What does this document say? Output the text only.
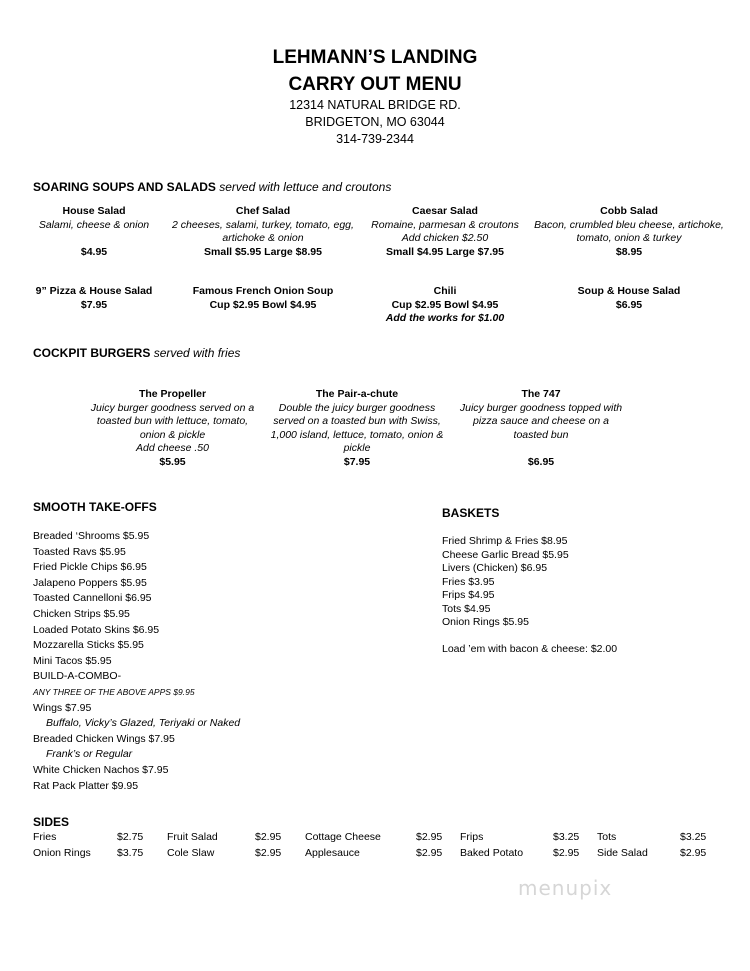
LEHMANN’S LANDING
CARRY OUT MENU
12314 NATURAL BRIDGE RD.
BRIDGETON, MO 63044
314-739-2344
SOARING SOUPS AND SALADS served with lettuce and croutons
House Salad
Salami, cheese & onion
$4.95
Chef Salad
2 cheeses, salami, turkey, tomato, egg, artichoke & onion
Small $5.95 Large $8.95
Caesar Salad
Romaine, parmesan & croutons
Add chicken $2.50
Small $4.95 Large $7.95
Cobb Salad
Bacon, crumbled bleu cheese, artichoke, tomato, onion & turkey
$8.95
9” Pizza & House Salad
$7.95
Famous French Onion Soup
Cup $2.95 Bowl $4.95
Chili
Cup $2.95 Bowl $4.95
Add the works for $1.00
Soup & House Salad
$6.95
COCKPIT BURGERS served with fries
The Propeller
Juicy burger goodness served on a toasted bun with lettuce, tomato, onion & pickle
Add cheese .50
$5.95
The Pair-a-chute
Double the juicy burger goodness served on a toasted bun with Swiss, 1,000 island, lettuce, tomato, onion & pickle
$7.95
The 747
Juicy burger goodness topped with pizza sauce and cheese on a toasted bun
$6.95
SMOOTH TAKE-OFFS
Breaded ‘Shrooms $5.95
Toasted Ravs $5.95
Fried Pickle Chips $6.95
Jalapeno Poppers $5.95
Toasted Cannelloni $6.95
Chicken Strips $5.95
Loaded Potato Skins $6.95
Mozzarella Sticks $5.95
Mini Tacos $5.95
BUILD-A-COMBO-
ANY THREE OF THE ABOVE APPS $9.95
Wings $7.95
Buffalo, Vicky’s Glazed, Teriyaki or Naked
Breaded Chicken Wings $7.95
Frank’s or Regular
White Chicken Nachos $7.95
Rat Pack Platter $9.95
BASKETS
Fried Shrimp & Fries $8.95
Cheese Garlic Bread $5.95
Livers (Chicken) $6.95
Fries $3.95
Frips $4.95
Tots $4.95
Onion Rings $5.95
Load ’em with bacon & cheese: $2.00
SIDES
Fries	$2.75 Fruit Salad	$2.95 Cottage Cheese	$2.95 Frips	$3.25 Tots	$3.25
Onion Rings $3.75 Cole Slaw	$2.95 Applesauce	$2.95 Baked Potato	$2.95 Side Salad	$2.95
menupix
